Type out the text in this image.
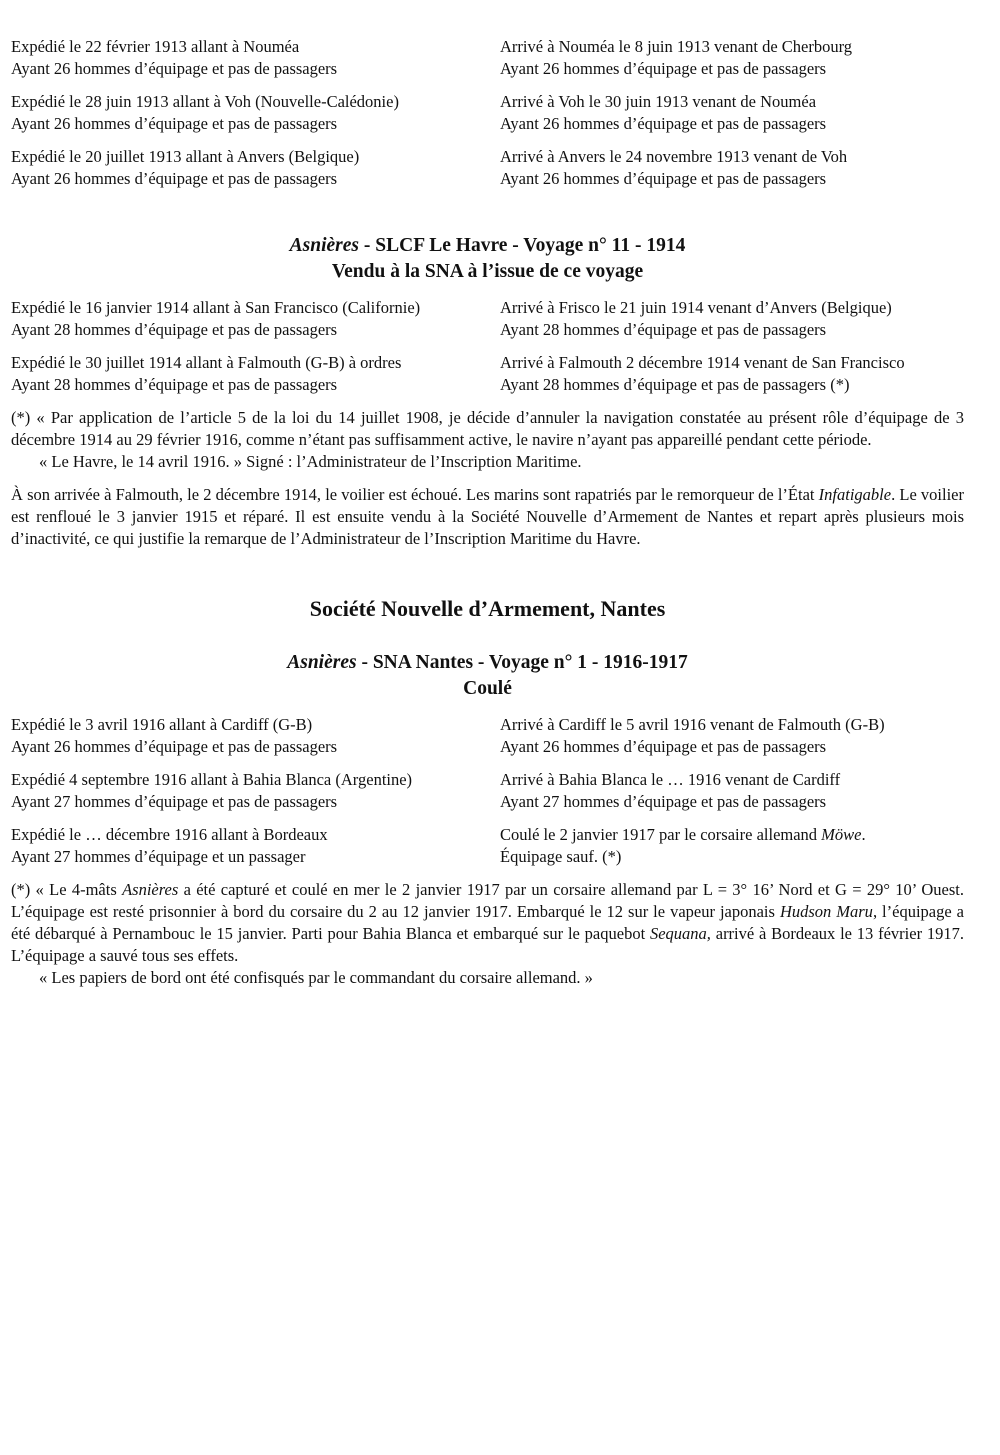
Expédié le 22 février 1913 allant à Nouméa
Ayant 26 hommes d’équipage et pas de passagers
Arrivé à Nouméa le 8 juin 1913 venant de Cherbourg
Ayant 26 hommes d’équipage et pas de passagers
Expédié le 28 juin 1913 allant à Voh (Nouvelle-Calédonie)
Ayant 26 hommes d’équipage et pas de passagers
Arrivé à Voh le 30 juin 1913 venant de Nouméa
Ayant 26 hommes d’équipage et pas de passagers
Expédié le 20 juillet 1913 allant à Anvers (Belgique)
Ayant 26 hommes d’équipage et pas de passagers
Arrivé à Anvers le 24 novembre 1913 venant de Voh
Ayant 26 hommes d’équipage et pas de passagers
Asnières - SLCF Le Havre - Voyage n° 11 - 1914
Vendu à la SNA à l’issue de ce voyage
Expédié le 16 janvier 1914 allant à San Francisco (Californie)
Ayant 28 hommes d’équipage et pas de passagers
Arrivé à Frisco le 21 juin 1914 venant d’Anvers (Belgique)
Ayant 28 hommes d’équipage et pas de passagers
Expédié le 30 juillet 1914 allant à Falmouth (G-B) à ordres
Ayant 28 hommes d’équipage et pas de passagers
Arrivé à Falmouth 2 décembre 1914 venant de San Francisco
Ayant 28 hommes d’équipage et pas de passagers (*)

(*) « Par application de l’article 5 de la loi du 14 juillet 1908, je décide d’annuler la navigation constatée au présent rôle d’équipage de 3 décembre 1914 au 29 février 1916, comme n’étant pas suffisamment active, le navire n’ayant pas appareillé pendant cette période.

« Le Havre, le 14 avril 1916. » Signé : l’Administrateur de l’Inscription Maritime.

À son arrivée à Falmouth, le 2 décembre 1914, le voilier est échoué. Les marins sont rapatriés par le remorqueur de l’État Infatigable. Le voilier est renfloué le 3 janvier 1915 et réparé. Il est ensuite vendu à la Société Nouvelle d’Armement de Nantes et repart après plusieurs mois d’inactivité, ce qui justifie la remarque de l’Administrateur de l’Inscription Maritime du Havre.

Société Nouvelle d’Armement, Nantes
Asnières - SNA Nantes - Voyage n° 1 - 1916-1917
Coulé
Expédié le 3 avril 1916 allant à Cardiff (G-B)
Ayant 26 hommes d’équipage et pas de passagers
Arrivé à Cardiff le 5 avril 1916 venant de Falmouth (G-B)
Ayant 26 hommes d’équipage et pas de passagers
Expédié 4 septembre 1916 allant à Bahia Blanca (Argentine)
Ayant 27 hommes d’équipage et pas de passagers
Arrivé à Bahia Blanca le … 1916 venant de Cardiff
Ayant 27 hommes d’équipage et pas de passagers
Expédié le … décembre 1916 allant à Bordeaux
Ayant 27 hommes d’équipage et un passager
Coulé le 2 janvier 1917 par le corsaire allemand Möwe.
Équipage sauf. (*)

(*) « Le 4-mâts Asnières a été capturé et coulé en mer le 2 janvier 1917 par un corsaire allemand par L = 3° 16’ Nord et G = 29° 10’ Ouest. L’équipage est resté prisonnier à bord du corsaire du 2 au 12 janvier 1917. Embarqué le 12 sur le vapeur japonais Hudson Maru, l’équipage a été débarqué à Pernambouc le 15 janvier. Parti pour Bahia Blanca et embarqué sur le paquebot Sequana, arrivé à Bordeaux le 13 février 1917. L’équipage a sauvé tous ses effets.

« Les papiers de bord ont été confisqués par le commandant du corsaire allemand. »
